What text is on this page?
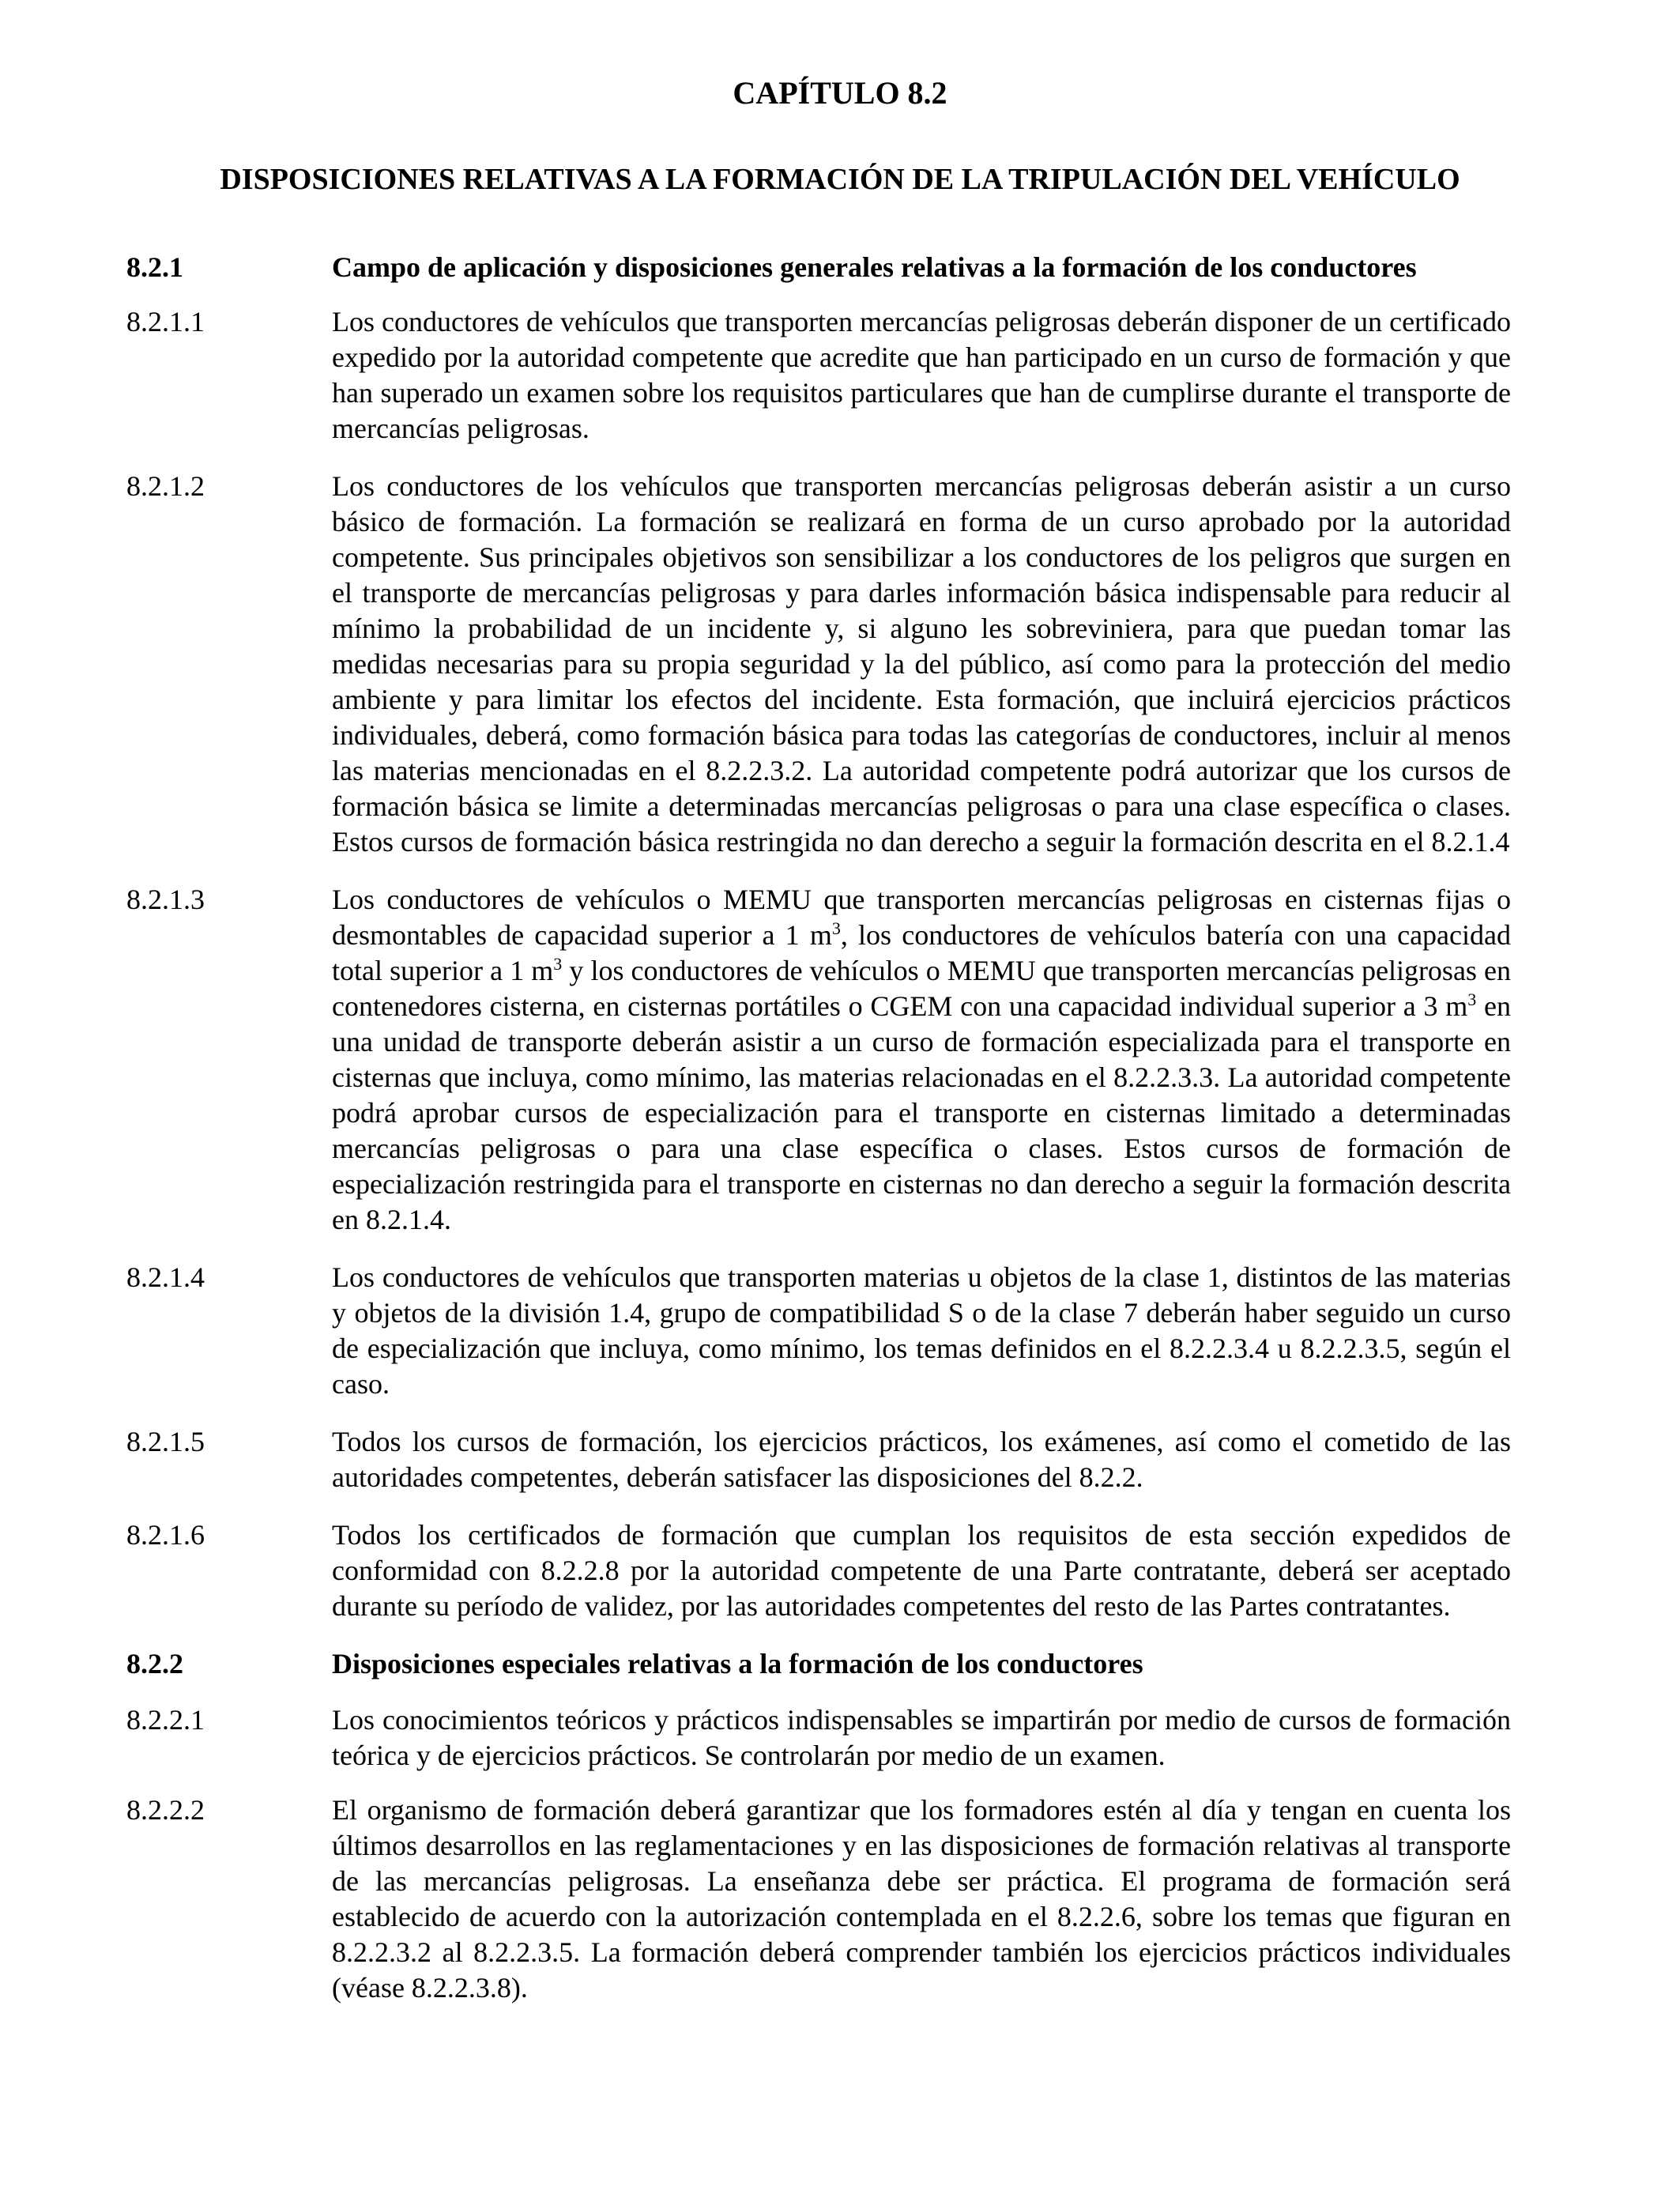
CAPÍTULO 8.2
DISPOSICIONES RELATIVAS A LA FORMACIÓN DE LA TRIPULACIÓN DEL VEHÍCULO
8.2.1	Campo de aplicación y disposiciones generales relativas a la formación de los conductores
8.2.1.1	Los conductores de vehículos que transporten mercancías peligrosas deberán disponer de un certificado expedido por la autoridad competente que acredite que han participado en un curso de formación y que han superado un examen sobre los requisitos particulares que han de cumplirse durante el transporte de mercancías peligrosas.
8.2.1.2	Los conductores de los vehículos que transporten mercancías peligrosas deberán asistir a un curso básico de formación. La formación se realizará en forma de un curso aprobado por la autoridad competente. Sus principales objetivos son sensibilizar a los conductores de los peligros que surgen en el transporte de mercancías peligrosas y para darles información básica indispensable para reducir al mínimo la probabilidad de un incidente y, si alguno les sobreviniera, para que puedan tomar las medidas necesarias para su propia seguridad y la del público, así como para la protección del medio ambiente y para limitar los efectos del incidente. Esta formación, que incluirá ejercicios prácticos individuales, deberá, como formación básica para todas las categorías de conductores, incluir al menos las materias mencionadas en el 8.2.2.3.2. La autoridad competente podrá autorizar que los cursos de formación básica se limite a determinadas mercancías peligrosas o para una clase específica o clases. Estos cursos de formación básica restringida no dan derecho a seguir la formación descrita en el 8.2.1.4
8.2.1.3	Los conductores de vehículos o MEMU que transporten mercancías peligrosas en cisternas fijas o desmontables de capacidad superior a 1 $m^3$, los conductores de vehículos batería con una capacidad total superior a 1 $m^3$ y los conductores de vehículos o MEMU que transporten mercancías peligrosas en contenedores cisterna, en cisternas portátiles o CGEM con una capacidad individual superior a 3 $m^3$ en una unidad de transporte deberán asistir a un curso de formación especializada para el transporte en cisternas que incluya, como mínimo, las materias relacionadas en el 8.2.2.3.3. La autoridad competente podrá aprobar cursos de especialización para el transporte en cisternas limitado a determinadas mercancías peligrosas o para una clase específica o clases. Estos cursos de formación de especialización restringida para el transporte en cisternas no dan derecho a seguir la formación descrita en 8.2.1.4.
8.2.1.4	Los conductores de vehículos que transporten materias u objetos de la clase 1, distintos de las materias y objetos de la división 1.4, grupo de compatibilidad S o de la clase 7 deberán haber seguido un curso de especialización que incluya, como mínimo, los temas definidos en el 8.2.2.3.4 u 8.2.2.3.5, según el caso.
8.2.1.5	Todos los cursos de formación, los ejercicios prácticos, los exámenes, así como el cometido de las autoridades competentes, deberán satisfacer las disposiciones del 8.2.2.
8.2.1.6	Todos los certificados de formación que cumplan los requisitos de esta sección expedidos de conformidad con 8.2.2.8 por la autoridad competente de una Parte contratante, deberá ser aceptado durante su período de validez, por las autoridades competentes del resto de las Partes contratantes.
8.2.2	Disposiciones especiales relativas a la formación de los conductores
8.2.2.1	Los conocimientos teóricos y prácticos indispensables se impartirán por medio de cursos de formación teórica y de ejercicios prácticos. Se controlarán por medio de un examen.
8.2.2.2	El organismo de formación deberá garantizar que los formadores estén al día y tengan en cuenta los últimos desarrollos en las reglamentaciones y en las disposiciones de formación relativas al transporte de las mercancías peligrosas. La enseñanza debe ser práctica. El programa de formación será establecido de acuerdo con la autorización contemplada en el 8.2.2.6, sobre los temas que figuran en 8.2.2.3.2 al 8.2.2.3.5. La formación deberá comprender también los ejercicios prácticos individuales (véase 8.2.2.3.8).
